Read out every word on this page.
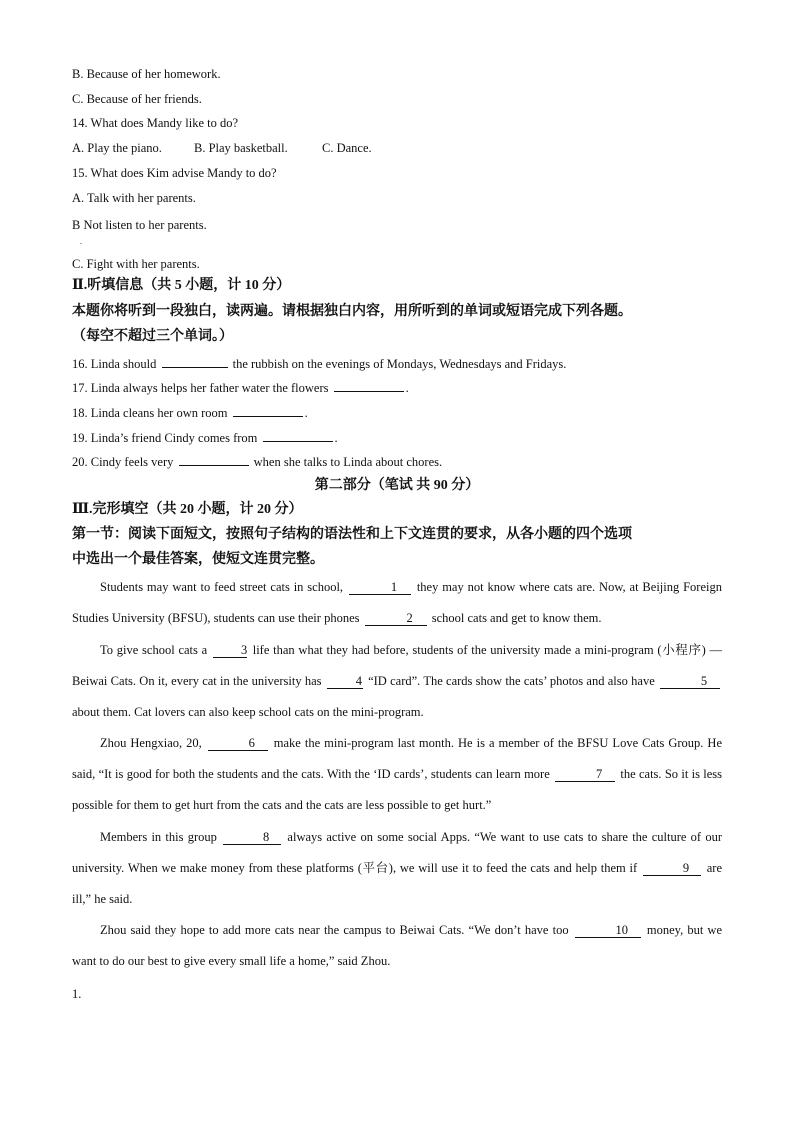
B. Because of her homework.
C. Because of her friends.
14. What does Mandy like to do?
A. Play the piano.	B. Play basketball.	C. Dance.
15. What does Kim advise Mandy to do?
A. Talk with her parents.
B Not listen to her parents.
.
C. Fight with her parents.
Ⅱ.听填信息（共 5 小题，计 10 分）
本题你将听到一段独白，读两遍。请根据独白内容，用所听到的单词或短语完成下列各题。
（每空不超过三个单词。）
16. Linda should	the rubbish on the evenings of Mondays, Wednesdays and Fridays.
17. Linda always helps her father water the flowers	.
18. Linda cleans her own room	.
19. Linda’s friend Cindy comes from	.
20. Cindy feels very	when she talks to Linda about chores.
第二部分（笔试 共 90 分）
Ⅲ.完形填空（共 20 小题，计 20 分）
第一节：阅读下面短文，按照句子结构的语法性和上下文连贯的要求，从各小题的四个选项
中选出一个最佳答案，使短文连贯完整。
Students may want to feed street cats in school,	1 they may not know where cats are. Now, at Beijing Foreign Studies University (BFSU), students can use their phones	2 school cats and get to know them.
To give school cats a	3 life than what they had before, students of the university made a mini-program (小程序) — Beiwai Cats. On it, every cat in the university has	4 “ID card”. The cards show the cats’ photos and also have	5 about them. Cat lovers can also keep school cats on the mini-program.
Zhou Hengxiao, 20,	6 make the mini-program last month. He is a member of the BFSU Love Cats Group. He said, “It is good for both the students and the cats. With the ‘ID cards’, students can learn more	7 the cats. So it is less possible for them to get hurt from the cats and the cats are less possible to get hurt.”
Members in this group	8 always active on some social Apps. “We want to use cats to share the culture of our university. When we make money from these platforms (平台), we will use it to feed the cats and help them if	9 are ill,” he said.
Zhou said they hope to add more cats near the campus to Beiwai Cats. “We don’t have too	10 money, but we want to do our best to give every small life a home,” said Zhou.
1.
